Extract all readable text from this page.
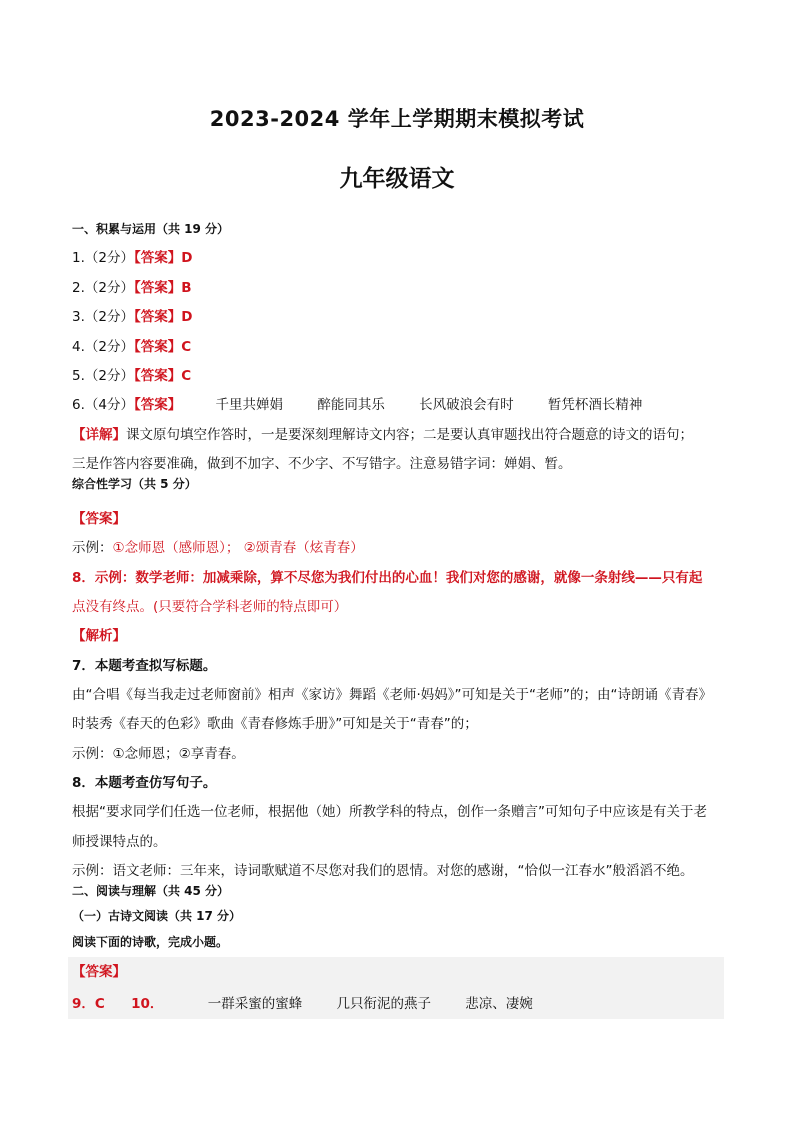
2023-2024 学年上学期期末模拟考试
九年级语文
一、积累与运用（共 19 分）
1.（2分）【答案】D
2.（2分）【答案】B
3.（2分）【答案】D
4.（2分）【答案】C
5.（2分）【答案】C
6.（4分）【答案】	千里共婵娟	醉能同其乐	长风破浪会有时	暂凭杯酒长精神
【详解】课文原句填空作答时，一是要深刻理解诗文内容；二是要认真审题找出符合题意的诗文的语句；
三是作答内容要准确，做到不加字、不少字、不写错字。注意易错字词：婵娟、暂。
综合性学习（共 5 分）
【答案】
示例：①念师恩（感师恩）； ②颂青春（炫青春）
8．示例：数学老师：加减乘除，算不尽您为我们付出的心血！我们对您的感谢，就像一条射线——只有起
点没有终点。(只要符合学科老师的特点即可）
【解析】
7．本题考查拟写标题。
由“合唱《每当我走过老师窗前》相声《家访》舞蹈《老师·妈妈》”可知是关于“老师”的；由“诗朗诵《青春》
时装秀《春天的色彩》歌曲《青春修炼手册》”可知是关于“青春”的；
示例：①念师恩；②享青春。
8．本题考查仿写句子。
根据“要求同学们任选一位老师，根据他（她）所教学科的特点，创作一条赠言”可知句子中应该是有关于老
师授课特点的。
示例：语文老师：三年来，诗词歌赋道不尽您对我们的恩情。对您的感谢，“恰似一江春水”般滔滔不绝。
二、阅读与理解（共 45 分）
（一）古诗文阅读（共 17 分）
阅读下面的诗歌，完成小题。
【答案】
9．C 10．	一群采蜜的蜜蜂	几只衔泥的燕子	悲凉、凄婉
